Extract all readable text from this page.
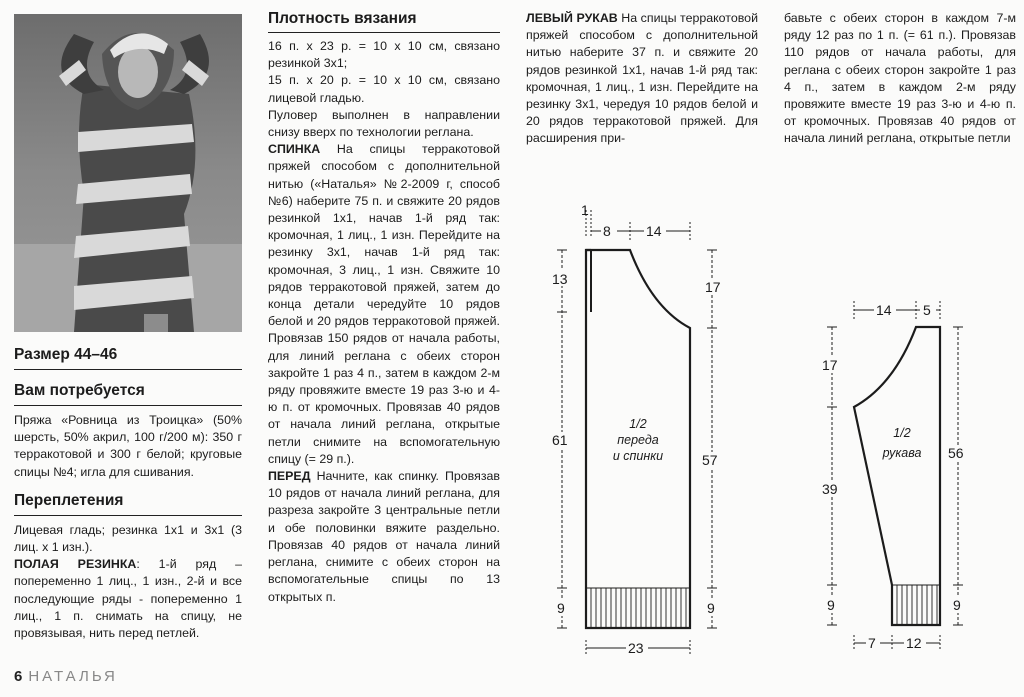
Размер 44–46
Вам потребуется

Пряжа «Ровница из Троицка» (50% шерсть, 50% акрил, 100 г/200 м): 350 г терракотовой и 300 г белой; круговые спицы №4; игла для сшивания.

Переплетения

Лицевая гладь; резинка 1х1 и 3х1 (3 лиц. х 1 изн.).

ПОЛАЯ РЕЗИНКА: 1-й ряд – попеременно 1 лиц., 1 изн., 2-й и все последующие ряды - попеременно 1 лиц., 1 п. снимать на спицу, не провязывая, нить перед петлей.

Плотность вязания

16 п. х 23 р. = 10 х 10 см, связано резинкой 3х1;

15 п. х 20 р. = 10 х 10 см, связано лицевой гладью.

Пуловер выполнен в направлении снизу вверх по технологии реглана.

СПИНКА На спицы терракотовой пряжей способом с дополнительной нитью («Наталья» №2-2009 г, способ №6) наберите 75 п. и свяжите 20 рядов резинкой 1х1, начав 1-й ряд так: кромочная, 1 лиц., 1 изн. Перейдите на резинку 3х1, начав 1-й ряд так: кромочная, 3 лиц., 1 изн. Свяжите 10 рядов терракотовой пряжей, затем до конца детали чередуйте 10 рядов белой и 20 рядов терракотовой пряжей. Провязав 150 рядов от начала работы, для линий реглана с обеих сторон закройте 1 раз 4 п., затем в каждом 2-м ряду провяжите вместе 19 раз 3-ю и 4-ю п. от кромочных. Провязав 40 рядов от начала линий реглана, открытые петли снимите на вспомогательную спицу (= 29 п.).

ПЕРЕД Начните, как спинку. Провязав 10 рядов от начала линий реглана, для разреза закройте 3 центральные петли и обе половинки вяжите раздельно. Провязав 40 рядов от начала линий реглана, снимите с обеих сторон на вспомогательные спицы по 13 открытых п.

ЛЕВЫЙ РУКАВ На спицы терракотовой пряжей способом с дополнительной нитью наберите 37 п. и свяжите 20 рядов резинкой 1х1, начав 1-й ряд так: кромочная, 1 лиц., 1 изн. Перейдите на резинку 3х1, чередуя 10 рядов белой и 20 рядов терракотовой пряжей. Для расширения при-

бавьте с обеих сторон в каждом 7-м ряду 12 раз по 1 п. (= 61 п.). Провязав 110 рядов от начала работы, для реглана с обеих сторон закройте 1 раз 4 п., затем в каждом 2-м ряду провяжите вместе 19 раз 3-ю и 4-ю п. от кромочных. Провязав 40 рядов от начала линий реглана, открытые петли

1
8	14
13	17
61
57
9	9
23
1/2
переда
и спинки
14 5
17
39
9
56
9
7 12
1/2
рукава
6 НАТАЛЬЯ
